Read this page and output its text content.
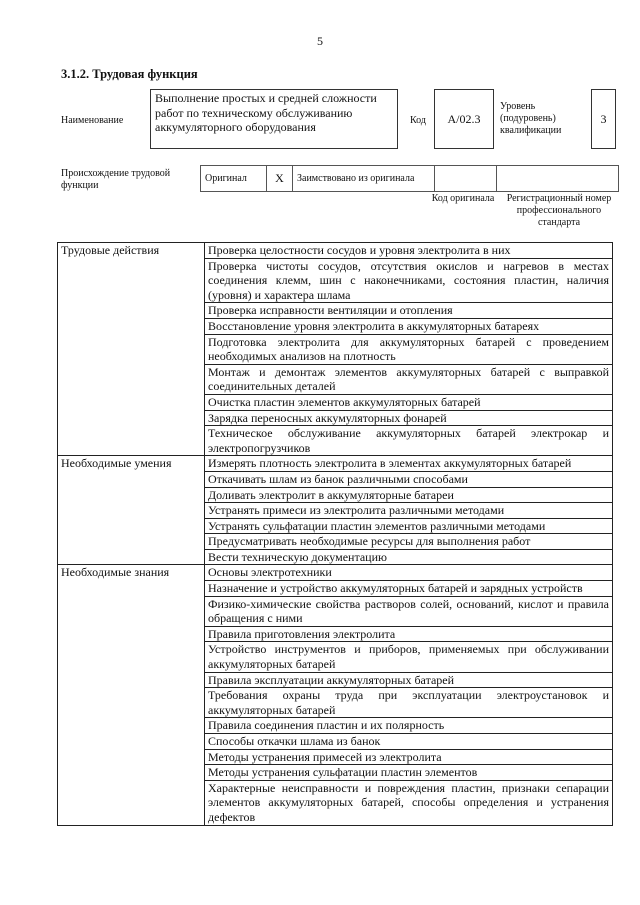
5
3.1.2. Трудовая функция
Наименование
Выполнение простых и средней сложности работ по техническому обслуживанию аккумуляторного оборудования	Код A/02.3
Уровень (подуровень) квалификации
3
Происхождение трудовой функции
Оригинал	X	Заимствовано из оригинала		
Код оригинала	Регистрационный номер профессионального стандарта
Трудовые действия	Проверка целостности сосудов и уровня электролита в них
	Проверка чистоты сосудов, отсутствия окислов и нагревов в местах соединения клемм, шин с наконечниками, состояния пластин, наличия (уровня) и характера шлама
	Проверка исправности вентиляции и отопления
	Восстановление уровня электролита в аккумуляторных батареях
	Подготовка электролита для аккумуляторных батарей с проведением необходимых анализов на плотность
	Монтаж и демонтаж элементов аккумуляторных батарей с выправкой соединительных деталей
	Очистка пластин элементов аккумуляторных батарей
	Зарядка переносных аккумуляторных фонарей
	Техническое обслуживание аккумуляторных батарей электрокар и электропогрузчиков
Необходимые умения	Измерять плотность электролита в элементах аккумуляторных батарей
	Откачивать шлам из банок различными способами
	Доливать электролит в аккумуляторные батареи
	Устранять примеси из электролита различными методами
	Устранять сульфатации пластин элементов различными методами
	Предусматривать необходимые ресурсы для выполнения работ
	Вести техническую документацию
Необходимые знания	Основы электротехники
	Назначение и устройство аккумуляторных батарей и зарядных устройств
	Физико-химические свойства растворов солей, оснований, кислот и правила обращения с ними
	Правила приготовления электролита
	Устройство инструментов и приборов, применяемых при обслуживании аккумуляторных батарей
	Правила эксплуатации аккумуляторных батарей
	Требования охраны труда при эксплуатации электроустановок и аккумуляторных батарей
	Правила соединения пластин и их полярность
	Способы откачки шлама из банок
	Методы устранения примесей из электролита
	Методы устранения сульфатации пластин элементов
	Характерные неисправности и повреждения пластин, признаки сепарации элементов аккумуляторных батарей, способы определения и устранения дефектов
